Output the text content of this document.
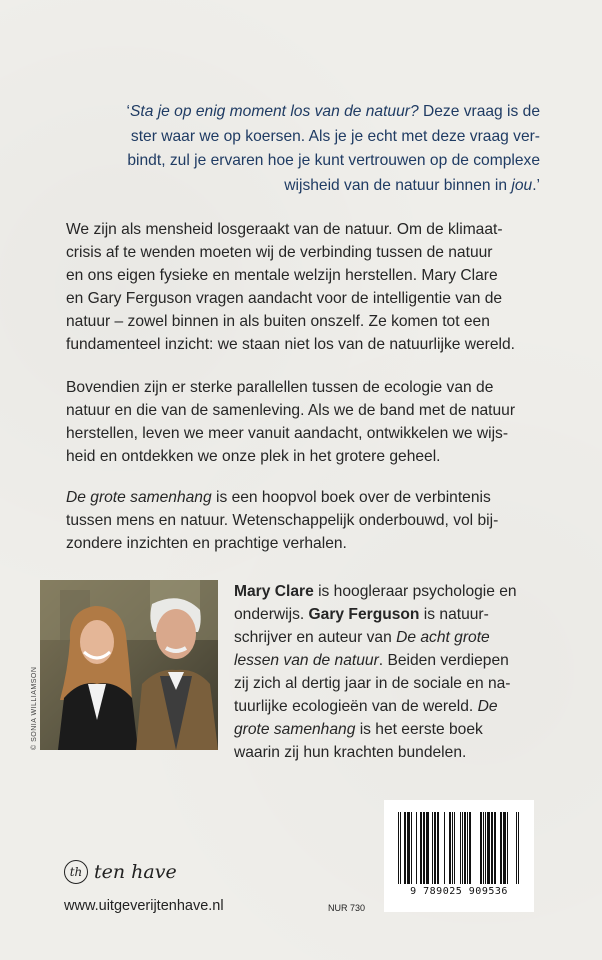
‘Sta je op enig moment los van de natuur? Deze vraag is de

ster waar we op koersen. Als je je echt met deze vraag ver-

bindt, zul je ervaren hoe je kunt vertrouwen op de complexe

wijsheid van de natuur binnen in jou.’

We zijn als mensheid losgeraakt van de natuur. Om de klimaat-

crisis af te wenden moeten wij de verbinding tussen de natuur

en ons eigen fysieke en mentale welzijn herstellen. Mary Clare

en Gary Ferguson vragen aandacht voor de intelligentie van de

natuur – zowel binnen in als buiten onszelf. Ze komen tot een

fundamenteel inzicht: we staan niet los van de natuurlijke wereld.

Bovendien zijn er sterke parallellen tussen de ecologie van de

natuur en die van de samenleving. Als we de band met de natuur

herstellen, leven we meer vanuit aandacht, ontwikkelen we wijs-

heid en ontdekken we onze plek in het grotere geheel.

De grote samenhang is een hoopvol boek over de verbintenis

tussen mens en natuur. Wetenschappelijk onderbouwd, vol bij-

zondere inzichten en prachtige verhalen.

© SONIA WILLIAMSON

Mary Clare is hoogleraar psychologie en

onderwijs. Gary Ferguson is natuur-

schrijver en auteur van De acht grote

lessen van de natuur. Beiden verdiepen

zij zich al dertig jaar in de sociale en na-

tuurlijke ecologieën van de wereld. De

grote samenhang is het eerste boek

waarin zij hun krachten bundelen.

th ten have
www.uitgeverijtenhave.nl	NUR 730
9 789025 909536
